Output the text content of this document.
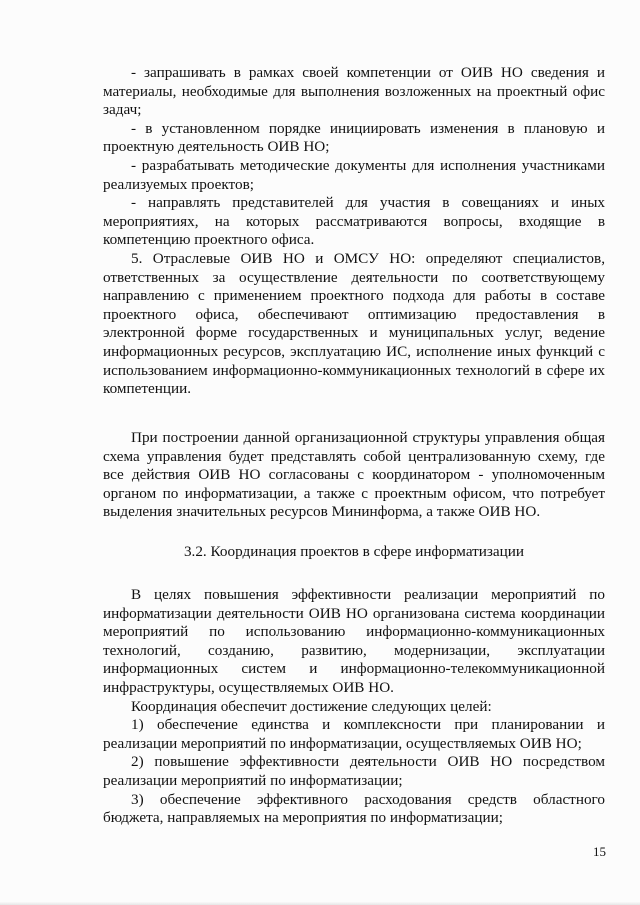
- запрашивать в рамках своей компетенции от ОИВ НО сведения и материалы, необходимые для выполнения возложенных на проектный офис задач;

- в установленном порядке инициировать изменения в плановую и проектную деятельность ОИВ НО;

- разрабатывать методические документы для исполнения участниками реализуемых проектов;

- направлять представителей для участия в совещаниях и иных мероприятиях, на которых рассматриваются вопросы, входящие в компетенцию проектного офиса.

5. Отраслевые ОИВ НО и ОМСУ НО: определяют специалистов, ответственных за осуществление деятельности по соответствующему направлению с применением проектного подхода для работы в составе проектного офиса, обеспечивают оптимизацию предоставления в электронной форме государственных и муниципальных услуг, ведение информационных ресурсов, эксплуатацию ИС, исполнение иных функций с использованием информационно-коммуникационных технологий в сфере их компетенции.

При построении данной организационной структуры управления общая схема управления будет представлять собой централизованную схему, где все действия ОИВ НО согласованы с координатором - уполномоченным органом по информатизации, а также с проектным офисом, что потребует выделения значительных ресурсов Мининформа, а также ОИВ НО.

3.2. Координация проектов в сфере информатизации

В целях повышения эффективности реализации мероприятий по информатизации деятельности ОИВ НО организована система координации мероприятий по использованию информационно-коммуникационных технологий, созданию, развитию, модернизации, эксплуатации информационных систем и информационно-телекоммуникационной инфраструктуры, осуществляемых ОИВ НО.

Координация обеспечит достижение следующих целей:

1) обеспечение единства и комплексности при планировании и реализации мероприятий по информатизации, осуществляемых ОИВ НО;

2) повышение эффективности деятельности ОИВ НО посредством реализации мероприятий по информатизации;

3) обеспечение эффективного расходования средств областного бюджета, направляемых на мероприятия по информатизации;

15
